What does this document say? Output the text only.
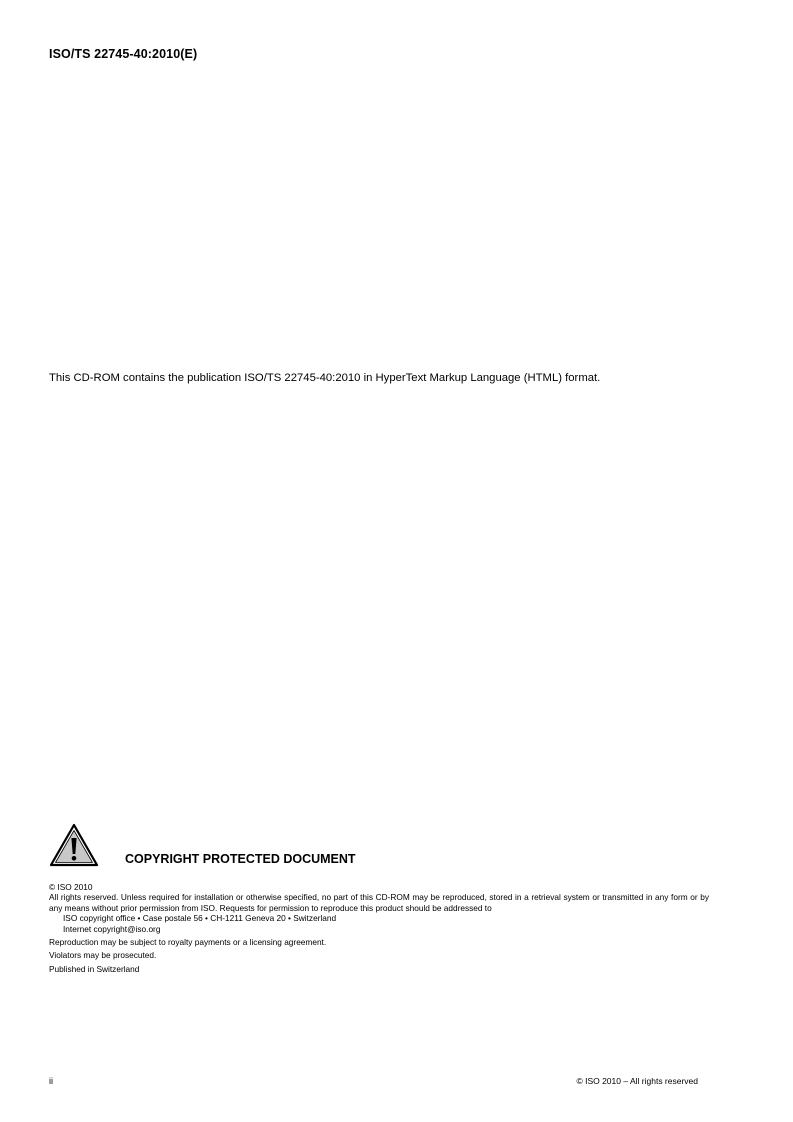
ISO/TS 22745-40:2010(E)
This CD-ROM contains the publication ISO/TS 22745-40:2010 in HyperText Markup Language (HTML) format.
COPYRIGHT PROTECTED DOCUMENT
© ISO 2010
All rights reserved. Unless required for installation or otherwise specified, no part of this CD-ROM may be reproduced, stored in a retrieval system or transmitted in any form or by any means without prior permission from ISO. Requests for permission to reproduce this product should be addressed to
ISO copyright office • Case postale 56 • CH-1211 Geneva 20 • Switzerland
Internet copyright@iso.org
Reproduction may be subject to royalty payments or a licensing agreement.
Violators may be prosecuted.
Published in Switzerland
ii	© ISO 2010 – All rights reserved
